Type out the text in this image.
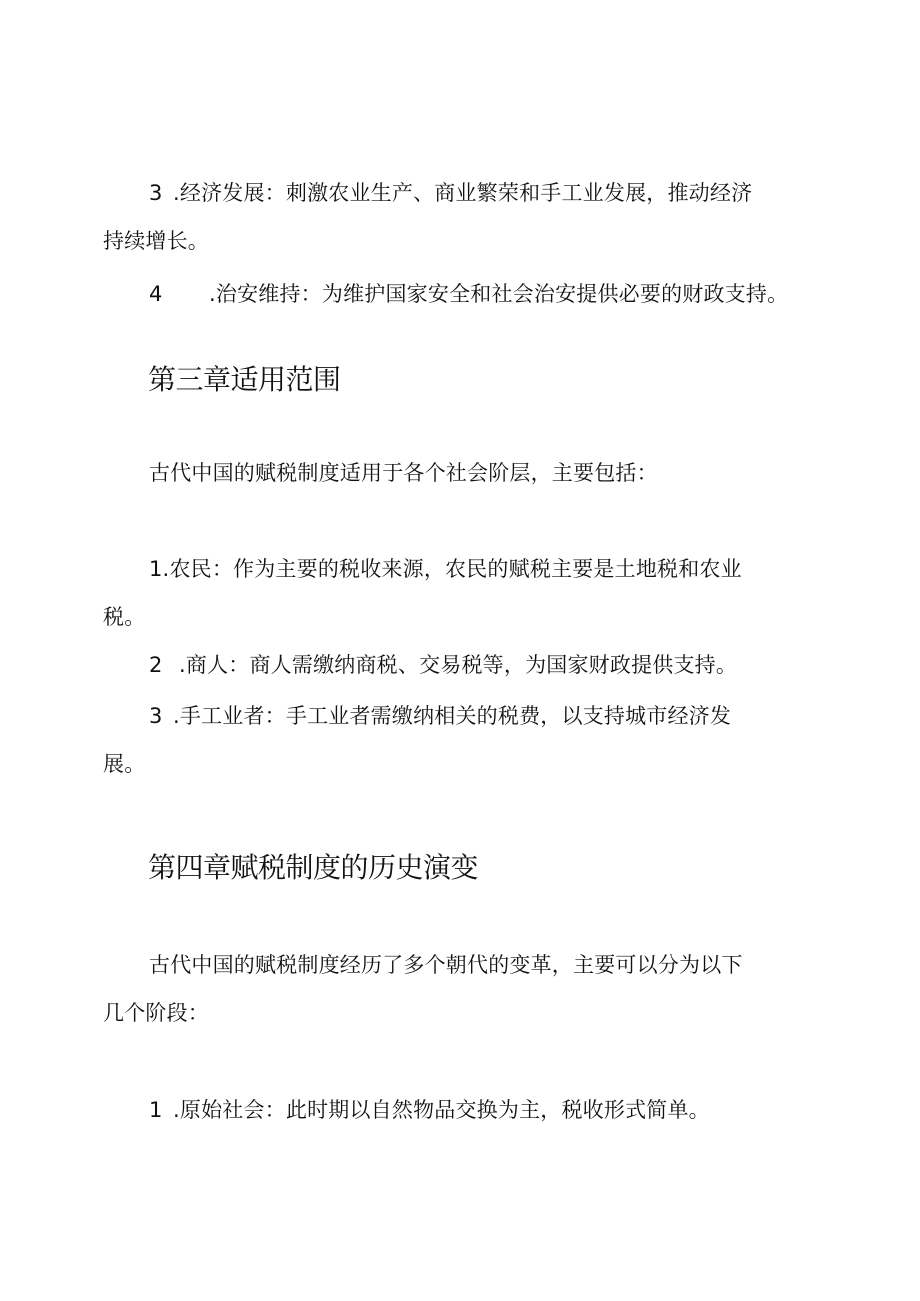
3 .经济发展：刺激农业生产、商业繁荣和手工业发展，推动经济
持续增长。
4 .治安维持：为维护国家安全和社会治安提供必要的财政支持。
第三章适用范围
古代中国的赋税制度适用于各个社会阶层，主要包括：
1.农民：作为主要的税收来源，农民的赋税主要是土地税和农业
税。
2 .商人：商人需缴纳商税、交易税等，为国家财政提供支持。
3 .手工业者：手工业者需缴纳相关的税费，以支持城市经济发
展。
第四章赋税制度的历史演变
古代中国的赋税制度经历了多个朝代的变革，主要可以分为以下
几个阶段：
1 .原始社会：此时期以自然物品交换为主，税收形式简单。
